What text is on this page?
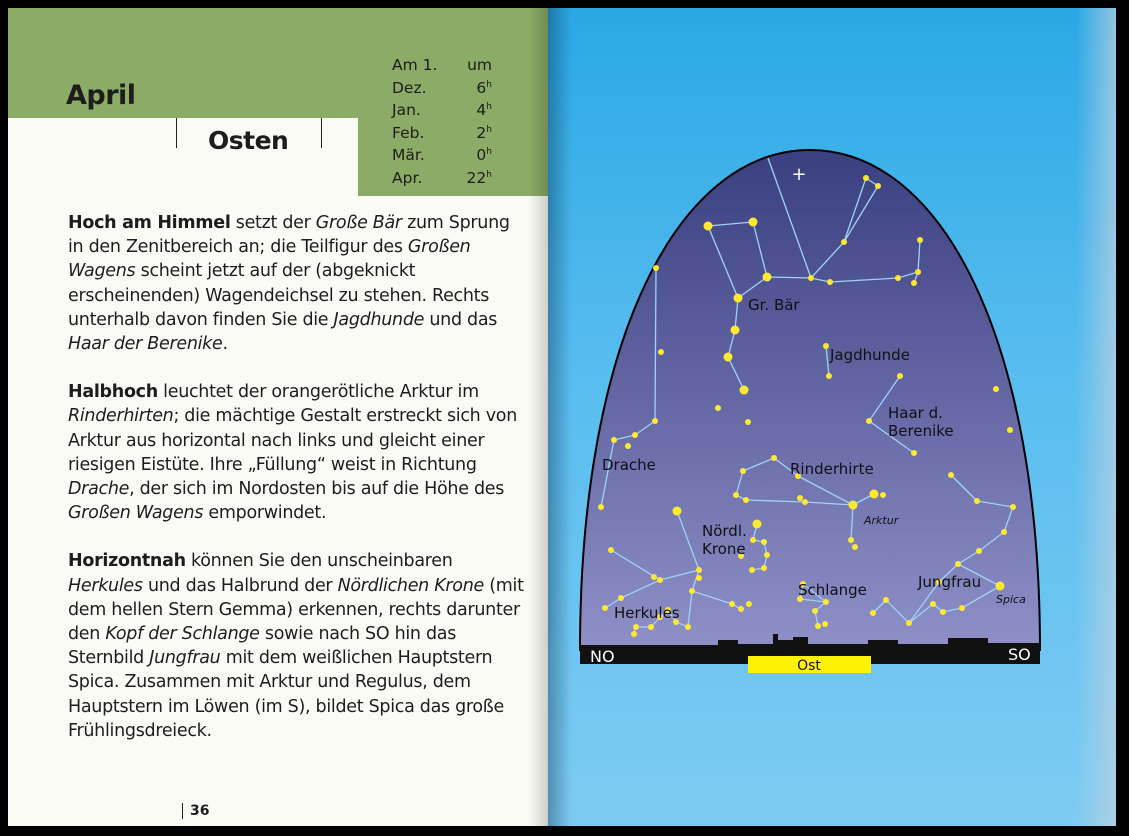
April
Osten
Am 1. um
Dez.	6$^h$
Jan.	4$^h$
Feb.	2$^h$
Mär.	0$^h$
Apr.	22$^h$

Hoch am Himmel setzt der Große Bär zum Sprung in den Zenitbereich an; die Teilfigur des Großen Wagens scheint jetzt auf der (abgeknickt erscheinenden) Wagendeichsel zu stehen. Rechts unterhalb davon finden Sie die Jagdhunde und das Haar der Berenike.

Halbhoch leuchtet der orangerötliche Arktur im Rinderhirten; die mächtige Gestalt erstreckt sich von Arktur aus horizontal nach links und gleicht einer riesigen Eistüte. Ihre „Füllung“ weist in Richtung Drache, der sich im Nordosten bis auf die Höhe des Großen Wagens emporwindet.

Horizontnah können Sie den unscheinbaren Herkules und das Halbrund der Nördlichen Krone (mit dem hellen Stern Gemma) erkennen, rechts darunter den Kopf der Schlange sowie nach SO hin das Sternbild Jungfrau mit dem weißlichen Hauptstern Spica. Zusammen mit Arktur und Regulus, dem Hauptstern im Löwen (im S), bildet Spica das große Frühlingsdreieck.

36
+
Gr. Bär
Jagdhunde
Haar d.
Berenike
Drache	Rinderhirte
Arktur
Nördl.
Krone
Schlange	Jungfrau
Spica
Herkules
NO	SO
Ost
